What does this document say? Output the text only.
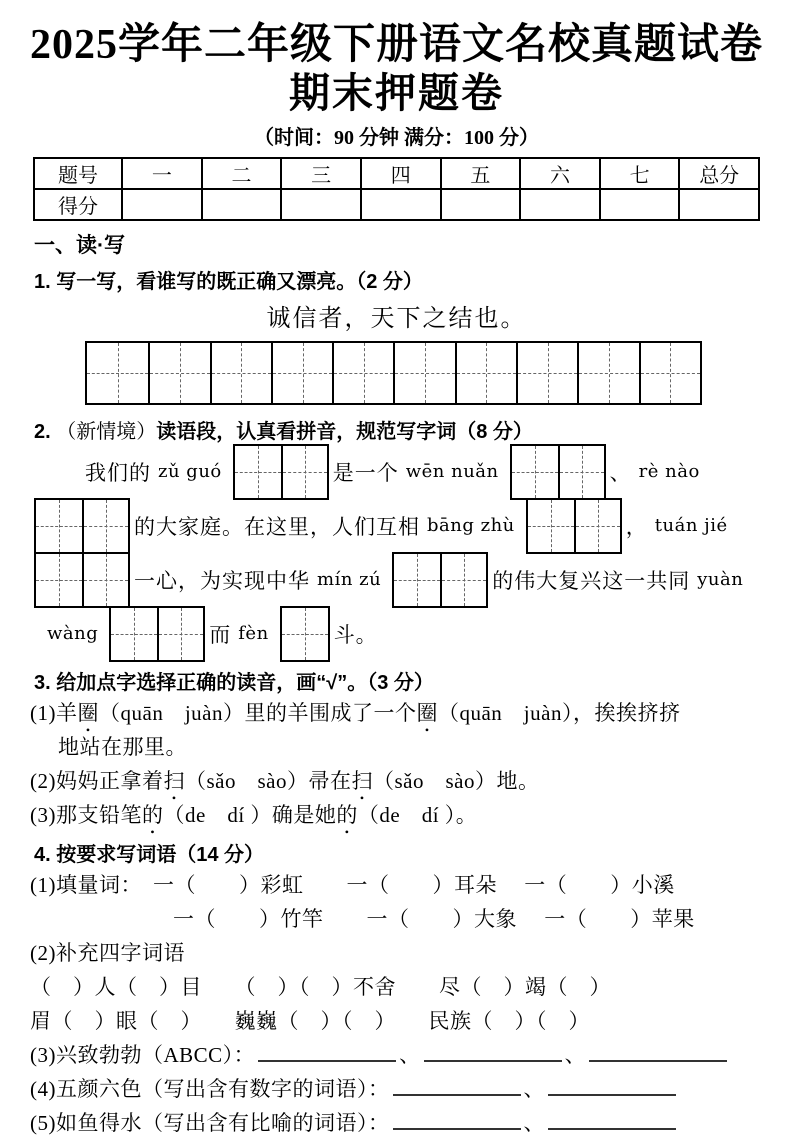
2025学年二年级下册语文名校真题试卷
期末押题卷
（时间：90 分钟 满分：100 分）
题号	一	二	三	四	五	六	七	总分
得分								
一、读·写
1. 写一写，看谁写的既正确又漂亮。（2 分）
诚信者，天下之结也。
2. （新情境）读语段，认真看拼音，规范写字词（8 分）
我们的 zǔ guó	是一个 wēn nuǎn	、 rè nào
的大家庭。在这里，人们互相 bāng zhù	， tuán jié
一心，为实现中华 mín zú	的伟大复兴这一共同 yuàn
wàng	而 fèn	斗。
3. 给加点字选择正确的读音，画“√”。（3 分）
(1)羊圈（quān　juàn）里的羊围成了一个圈（quān　juàn），挨挨挤挤
地站在那里。
(2)妈妈正拿着扫（sǎo　sào）帚在扫（sǎo　sào）地。
(3)那支铅笔的（de　dí ）确是她的（de　dí ）。
4. 按要求写词语（14 分）
(1)填量词：　一（　　）彩虹　　一（　　）耳朵　 一（　　）小溪
一（　　）竹竿　　一（　　）大象　 一（　　）苹果
(2)补充四字词语
（　）人（　）目　　（　）（　）不舍　　尽（　）竭（　）
眉（　）眼（　）　　巍巍（　）（　）　　民族（　）（　）
(3)兴致勃勃（ABCC）：	、	、
(4)五颜六色（写出含有数字的词语）：	、
(5)如鱼得水（写出含有比喻的词语）：	、
